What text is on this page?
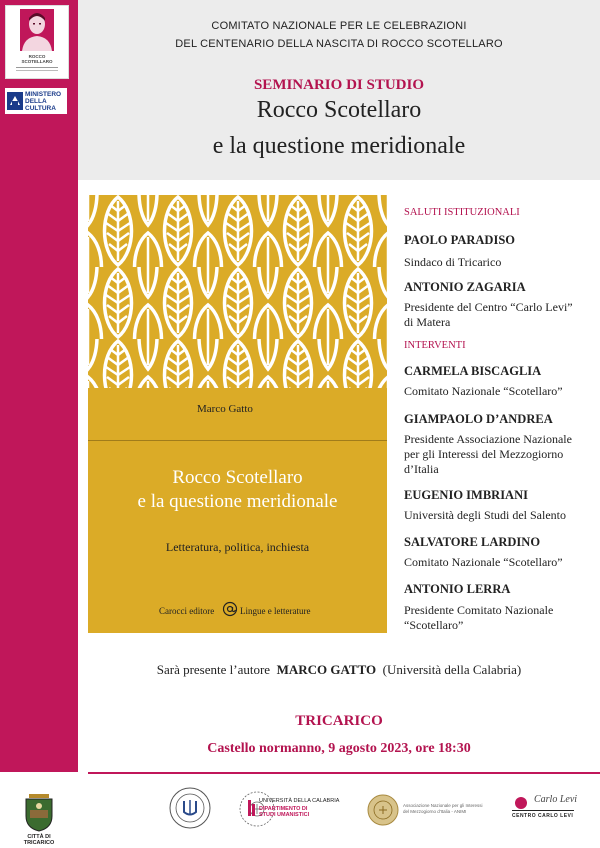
ROCCO
SCOTELLARO
MINISTERO
DELLA
CULTURA
COMITATO NAZIONALE PER LE CELEBRAZIONI
DEL CENTENARIO DELLA NASCITA DI ROCCO SCOTELLARO
SEMINARIO DI STUDIO
Rocco Scotellaro
e la questione meridionale
Marco Gatto
Rocco Scotellaro
e la questione meridionale
Letteratura, politica, inchiesta
Carocci editore	Lingue e letterature
SALUTI ISTITUZIONALI
PAOLO PARADISO
Sindaco di Tricarico
ANTONIO ZAGARIA
Presidente del Centro “Carlo Levi”
di Matera
INTERVENTI
CARMELA BISCAGLIA
Comitato Nazionale “Scotellaro”
GIAMPAOLO D’ANDREA
Presidente Associazione Nazionale
per gli Interessi del Mezzogiorno
d’Italia
EUGENIO IMBRIANI
Università degli Studi del Salento
SALVATORE LARDINO
Comitato Nazionale “Scotellaro”
ANTONIO LERRA
Presidente Comitato Nazionale
“Scotellaro”
Sarà presente l’autore MARCO GATTO (Università della Calabria)
TRICARICO
Castello normanno, 9 agosto 2023, ore 18:30
CITTÀ DI TRICARICO
UNIVERSITÀ DELLA CALABRIA
DIPARTIMENTO DI
STUDI UMANISTICI
Associazione Nazionale per gli Interessi
del Mezzogiorno d'Italia - ANIMI
Carlo Levi
CENTRO CARLO LEVI
